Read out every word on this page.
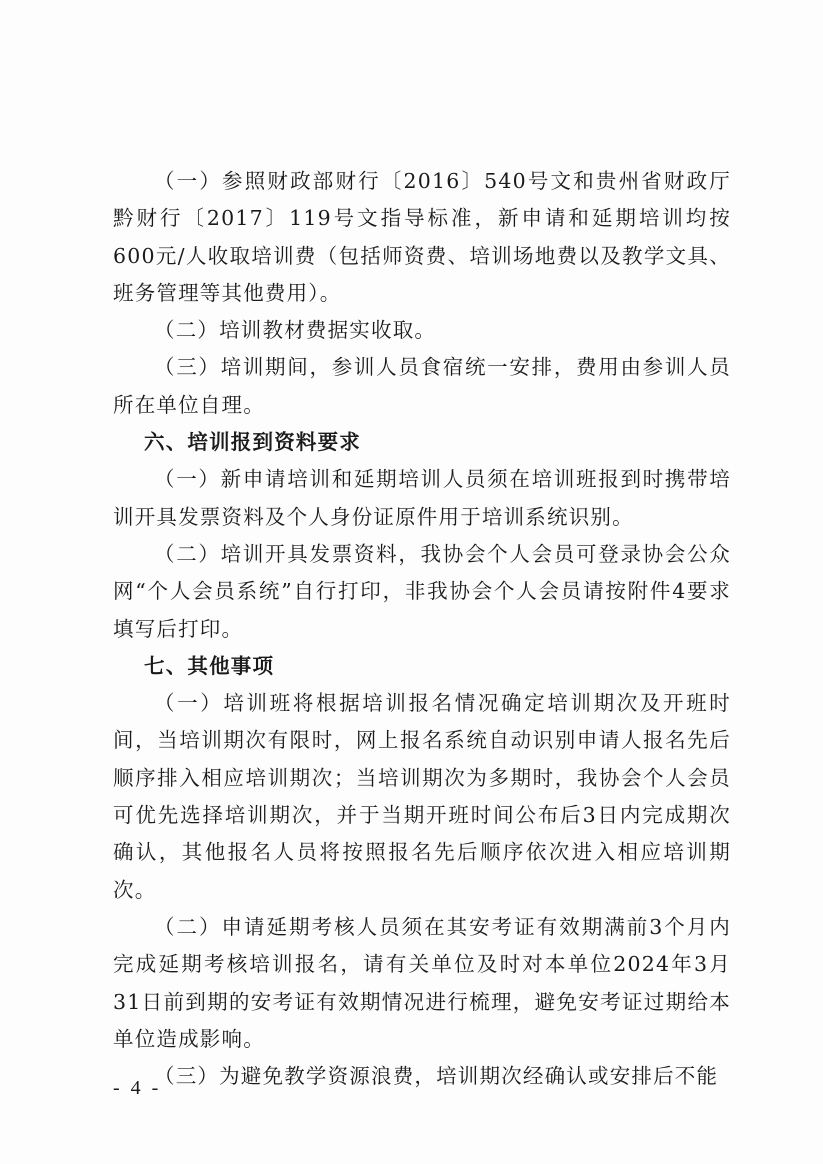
（一）参照财政部财行〔2016〕540号文和贵州省财政厅黔财行〔2017〕119号文指导标准，新申请和延期培训均按600元/人收取培训费（包括师资费、培训场地费以及教学文具、班务管理等其他费用）。

（二）培训教材费据实收取。

（三）培训期间，参训人员食宿统一安排，费用由参训人员所在单位自理。

六、培训报到资料要求

（一）新申请培训和延期培训人员须在培训班报到时携带培训开具发票资料及个人身份证原件用于培训系统识别。

（二）培训开具发票资料，我协会个人会员可登录协会公众网“个人会员系统”自行打印，非我协会个人会员请按附件4要求填写后打印。

七、其他事项

（一）培训班将根据培训报名情况确定培训期次及开班时间，当培训期次有限时，网上报名系统自动识别申请人报名先后顺序排入相应培训期次；当培训期次为多期时，我协会个人会员可优先选择培训期次，并于当期开班时间公布后3日内完成期次确认，其他报名人员将按照报名先后顺序依次进入相应培训期次。

（二）申请延期考核人员须在其安考证有效期满前3个月内完成延期考核培训报名，请有关单位及时对本单位2024年3月31日前到期的安考证有效期情况进行梳理，避免安考证过期给本单位造成影响。

（三）为避免教学资源浪费，培训期次经确认或安排后不能

- 4 -
